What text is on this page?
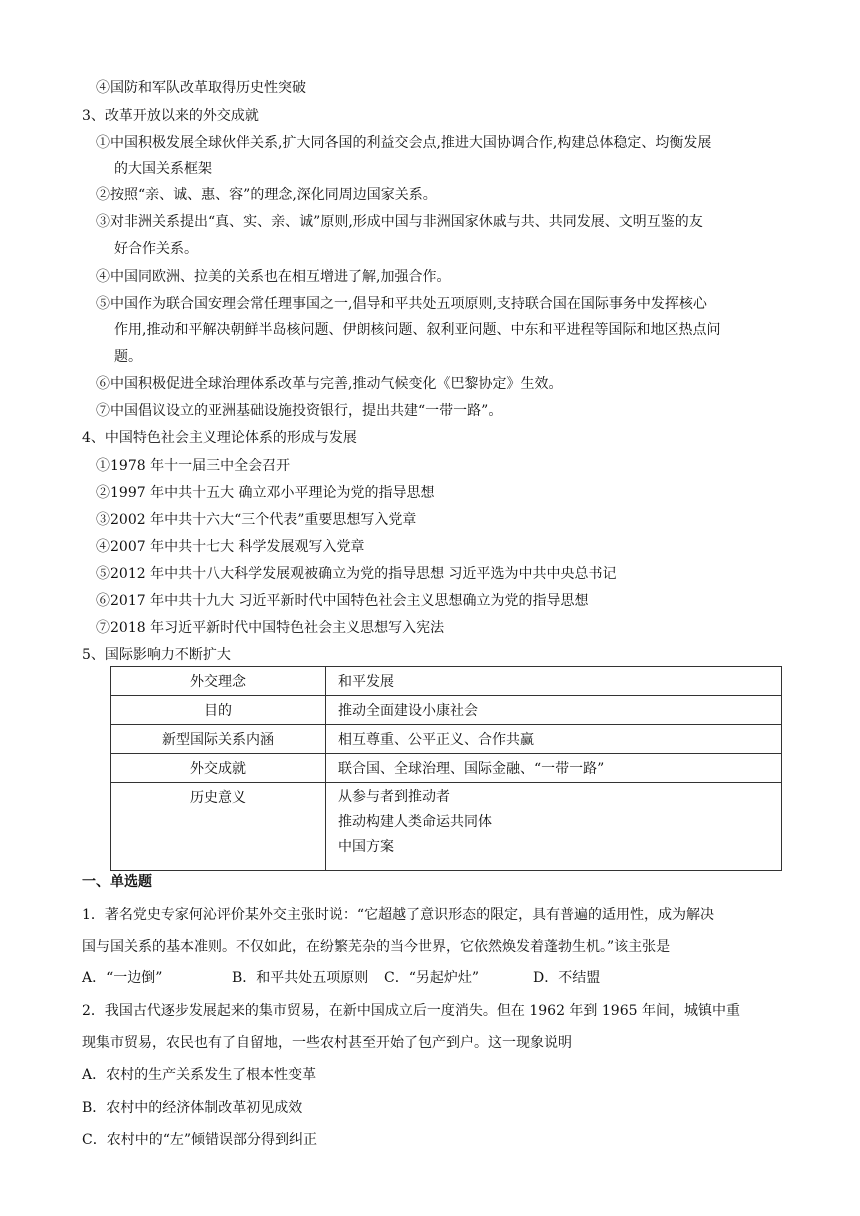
④国防和军队改革取得历史性突破
3、改革开放以来的外交成就
①中国积极发展全球伙伴关系,扩大同各国的利益交会点,推进大国协调合作,构建总体稳定、均衡发展
的大国关系框架
②按照“亲、诚、惠、容”的理念,深化同周边国家关系。
③对非洲关系提出“真、实、亲、诚”原则,形成中国与非洲国家休戚与共、共同发展、文明互鉴的友
好合作关系。
④中国同欧洲、拉美的关系也在相互增进了解,加强合作。
⑤中国作为联合国安理会常任理事国之一,倡导和平共处五项原则,支持联合国在国际事务中发挥核心
作用,推动和平解决朝鲜半岛核问题、伊朗核问题、叙利亚问题、中东和平进程等国际和地区热点问
题。
⑥中国积极促进全球治理体系改革与完善,推动气候变化《巴黎协定》生效。
⑦中国倡议设立的亚洲基础设施投资银行，提出共建“一带一路”。
4、中国特色社会主义理论体系的形成与发展
①1978 年十一届三中全会召开
②1997 年中共十五大 确立邓小平理论为党的指导思想
③2002 年中共十六大“三个代表”重要思想写入党章
④2007 年中共十七大 科学发展观写入党章
⑤2012 年中共十八大科学发展观被确立为党的指导思想 习近平选为中共中央总书记
⑥2017 年中共十九大 习近平新时代中国特色社会主义思想确立为党的指导思想
⑦2018 年习近平新时代中国特色社会主义思想写入宪法
5、国际影响力不断扩大
外交理念	和平发展
目的	推动全面建设小康社会
新型国际关系内涵	相互尊重、公平正义、合作共赢
外交成就	联合国、全球治理、国际金融、“一带一路”
历史意义	从参与者到推动者
推动构建人类命运共同体
中国方案
一、单选题
1．著名党史专家何沁评价某外交主张时说：“它超越了意识形态的限定，具有普遍的适用性，成为解决
国与国关系的基本准则。不仅如此，在纷繁芜杂的当今世界，它依然焕发着蓬勃生机。”该主张是
A．“一边倒”	B．和平共处五项原则 C．“另起炉灶”	D．不结盟
2．我国古代逐步发展起来的集市贸易，在新中国成立后一度消失。但在 1962 年到 1965 年间，城镇中重
现集市贸易，农民也有了自留地，一些农村甚至开始了包产到户。这一现象说明
A．农村的生产关系发生了根本性变革
B．农村中的经济体制改革初见成效
C．农村中的“左”倾错误部分得到纠正
